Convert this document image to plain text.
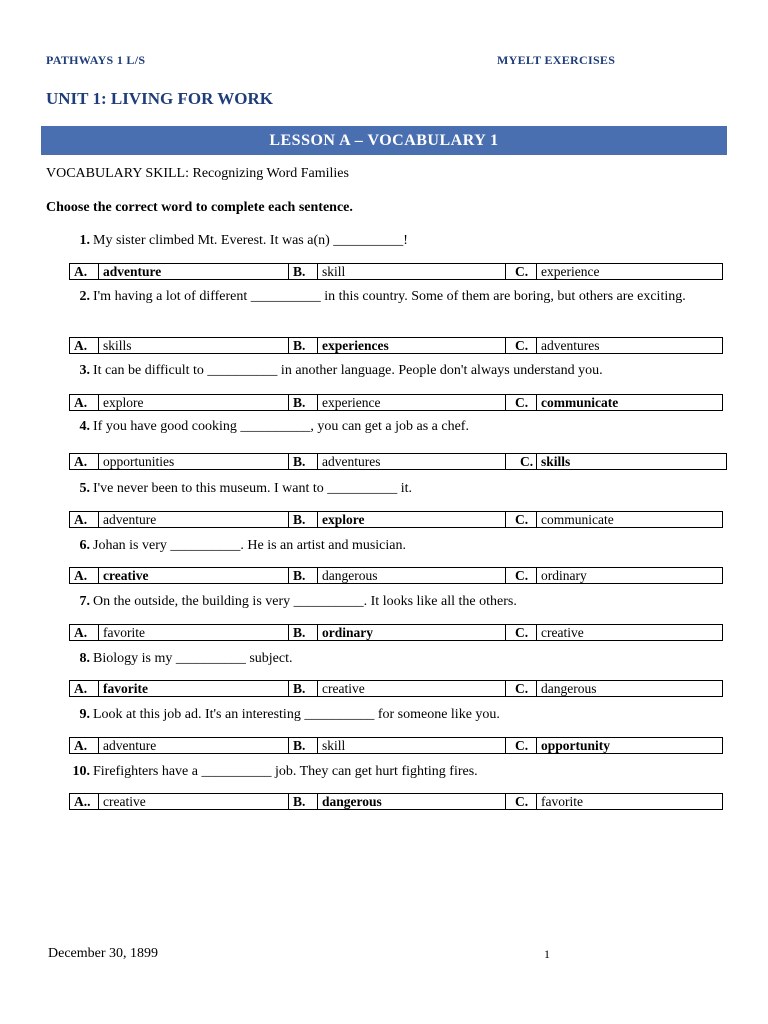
PATHWAYS 1 L/S	MYELT EXERCISES
UNIT 1: LIVING FOR WORK
LESSON A – VOCABULARY 1
VOCABULARY SKILL: Recognizing Word Families
Choose the correct word to complete each sentence.
1. My sister climbed Mt. Everest. It was a(n) __________!
A.	adventure	B.	skill	C. experience
2. I'm having a lot of different __________ in this country. Some of them are boring, but others are exciting.
A.	skills	B.	experiences	C. adventures
3. It can be difficult to __________ in another language. People don't always understand you.
A.	explore	B.	experience	C. communicate
4. If you have good cooking __________, you can get a job as a chef.
A.	opportunities	B.	adventures	C. skills
5. I've never been to this museum. I want to __________ it.
A.	adventure	B.	explore	C. communicate
6. Johan is very __________. He is an artist and musician.
A.	creative	B.	dangerous	C. ordinary
7. On the outside, the building is very __________. It looks like all the others.
A.	favorite	B.	ordinary	C. creative
8. Biology is my __________ subject.
A.	favorite	B.	creative	C. dangerous
9. Look at this job ad. It's an interesting __________ for someone like you.
A.	adventure	B.	skill	C. opportunity
10. Firefighters have a __________ job. They can get hurt fighting fires.
A.. creative	B.	dangerous	C. favorite
December 30, 1899	1
